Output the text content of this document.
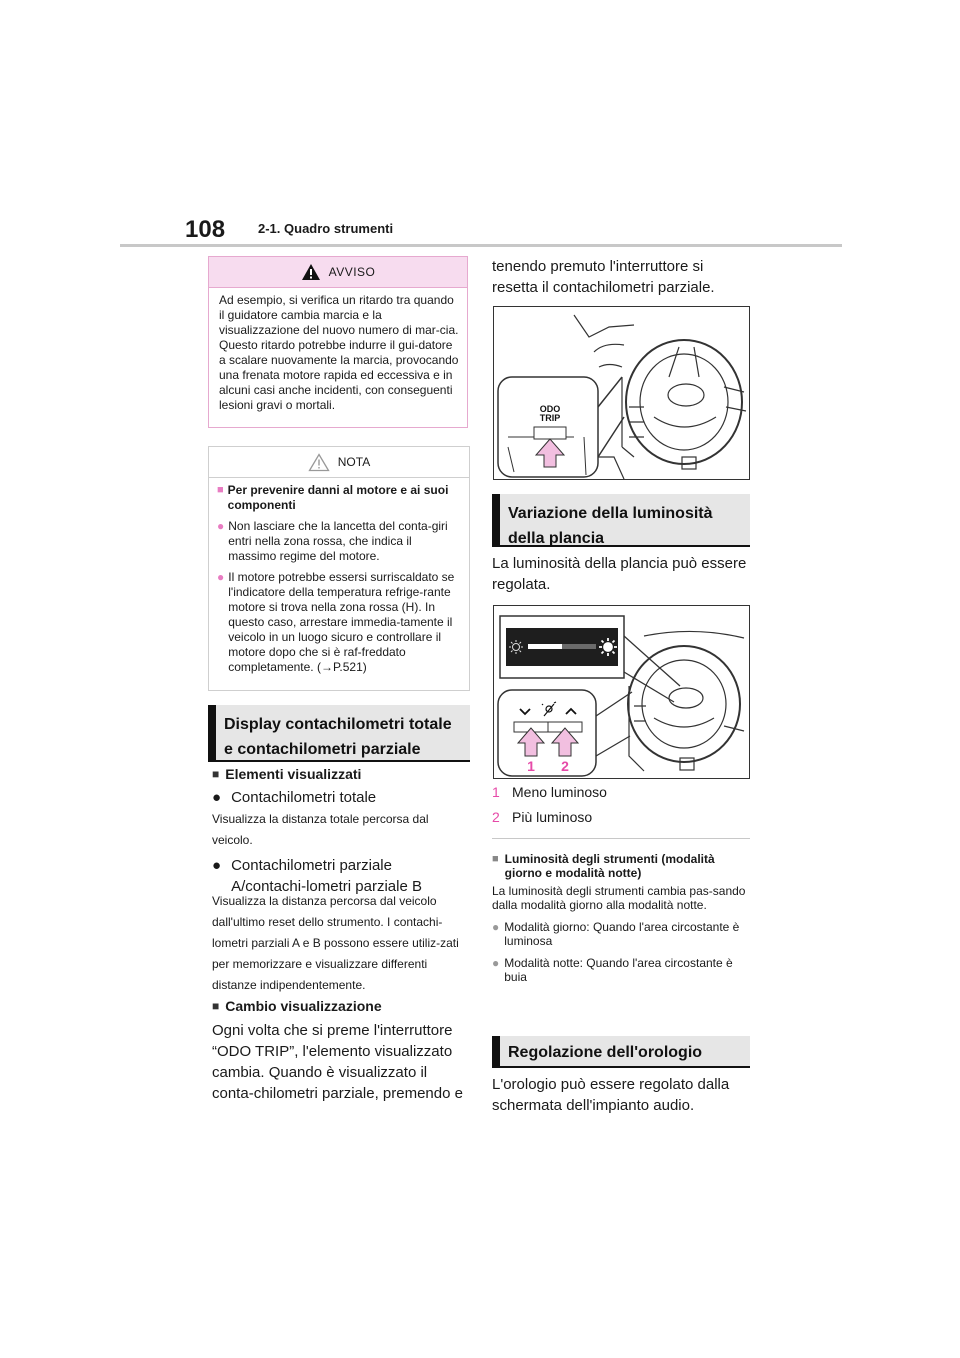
108	2-1. Quadro strumenti
AVVISO
Ad esempio, si verifica un ritardo tra quando il guidatore cambia marcia e la visualizzazione del nuovo numero di mar-cia. Questo ritardo potrebbe indurre il gui-datore a scalare nuovamente la marcia, provocando una frenata motore rapida ed eccessiva e in alcuni casi anche incidenti, con conseguenti lesioni gravi o mortali.
NOTA
■ Per prevenire danni al motore e ai suoi componenti
● Non lasciare che la lancetta del conta-giri entri nella zona rossa, che indica il massimo regime del motore.
● Il motore potrebbe essersi surriscaldato se l'indicatore della temperatura refrige-rante motore si trova nella zona rossa (H). In questo caso, arrestare immedia-tamente il veicolo in un luogo sicuro e controllare il motore dopo che si è raf-freddato completamente. (→P.521)
Display contachilometri totale e contachilometri parziale
■ Elementi visualizzati
● Contachilometri totale
Visualizza la distanza totale percorsa dal veicolo.
● Contachilometri parziale A/contachi-lometri parziale B
Visualizza la distanza percorsa dal veicolo dall'ultimo reset dello strumento. I contachi-lometri parziali A e B possono essere utiliz-zati per memorizzare e visualizzare differenti distanze indipendentemente.
■ Cambio visualizzazione
Ogni volta che si preme l'interruttore “ODO TRIP”, l'elemento visualizzato cambia. Quando è visualizzato il conta-chilometri parziale, premendo e
tenendo premuto l'interruttore si resetta il contachilometri parziale.
ODO
TRIP
Variazione della luminosità della plancia
La luminosità della plancia può essere regolata.
1 2
1 Meno luminoso
2 Più luminoso
■ Luminosità degli strumenti (modalità giorno e modalità notte)
La luminosità degli strumenti cambia pas-sando dalla modalità giorno alla modalità notte.
● Modalità giorno: Quando l'area circostante è luminosa
● Modalità notte: Quando l'area circostante è buia
Regolazione dell'orologio
L'orologio può essere regolato dalla schermata dell'impianto audio.
